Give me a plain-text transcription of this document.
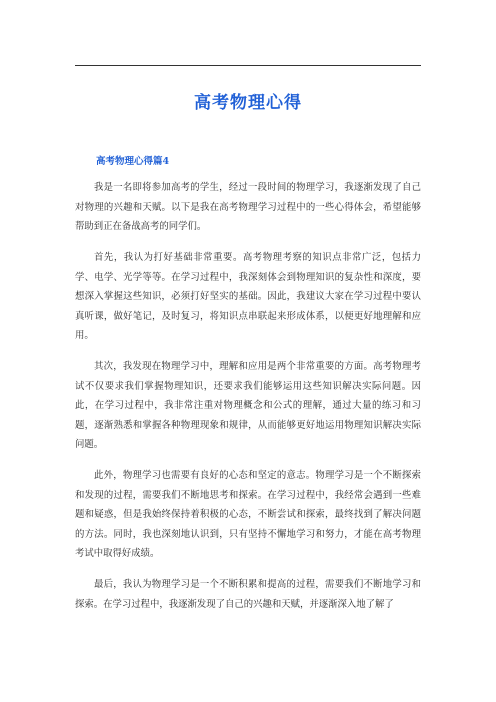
高考物理心得
高考物理心得篇4

我是一名即将参加高考的学生，经过一段时间的物理学习，我逐渐发现了自己对物理的兴趣和天赋。以下是我在高考物理学习过程中的一些心得体会，希望能够帮助到正在备战高考的同学们。

首先，我认为打好基础非常重要。高考物理考察的知识点非常广泛，包括力学、电学、光学等等。在学习过程中，我深刻体会到物理知识的复杂性和深度，要想深入掌握这些知识，必须打好坚实的基础。因此，我建议大家在学习过程中要认真听课，做好笔记，及时复习，将知识点串联起来形成体系，以便更好地理解和应用。

其次，我发现在物理学习中，理解和应用是两个非常重要的方面。高考物理考试不仅要求我们掌握物理知识，还要求我们能够运用这些知识解决实际问题。因此，在学习过程中，我非常注重对物理概念和公式的理解，通过大量的练习和习题，逐渐熟悉和掌握各种物理现象和规律，从而能够更好地运用物理知识解决实际问题。

此外，物理学习也需要有良好的心态和坚定的意志。物理学习是一个不断探索和发现的过程，需要我们不断地思考和探索。在学习过程中，我经常会遇到一些难题和疑惑，但是我始终保持着积极的心态，不断尝试和探索，最终找到了解决问题的方法。同时，我也深刻地认识到，只有坚持不懈地学习和努力，才能在高考物理考试中取得好成绩。

最后，我认为物理学习是一个不断积累和提高的过程，需要我们不断地学习和探索。在学习过程中，我逐渐发现了自己的兴趣和天赋，并逐渐深入地了解了
